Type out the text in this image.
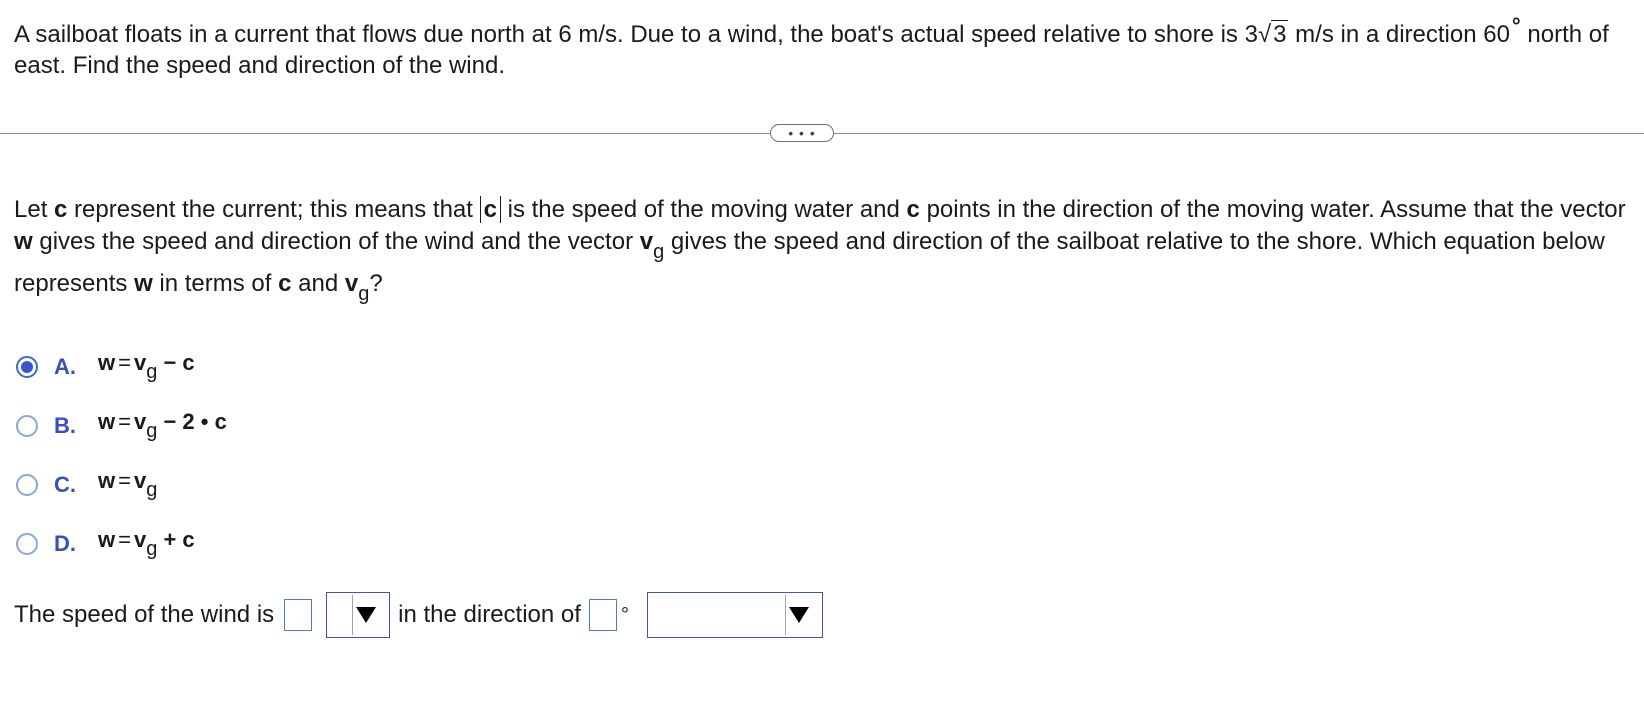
A sailboat floats in a current that flows due north at 6 m/s. Due to a wind, the boat's actual speed relative to shore is 3√3 m/s in a direction 60° north of east. Find the speed and direction of the wind.
• • •
Let c represent the current; this means that c is the speed of the moving water and c points in the direction of the moving water. Assume that the vector w gives the speed and direction of the wind and the vector $v_g$ gives the speed and direction of the sailboat relative to the shore. Which equation below represents w in terms of c and $v_g$?
A.	w = vg − c
B.	w = vg − 2 • c
C.	w = vg
D.	w = vg + c
The speed of the wind is	in the direction of °
